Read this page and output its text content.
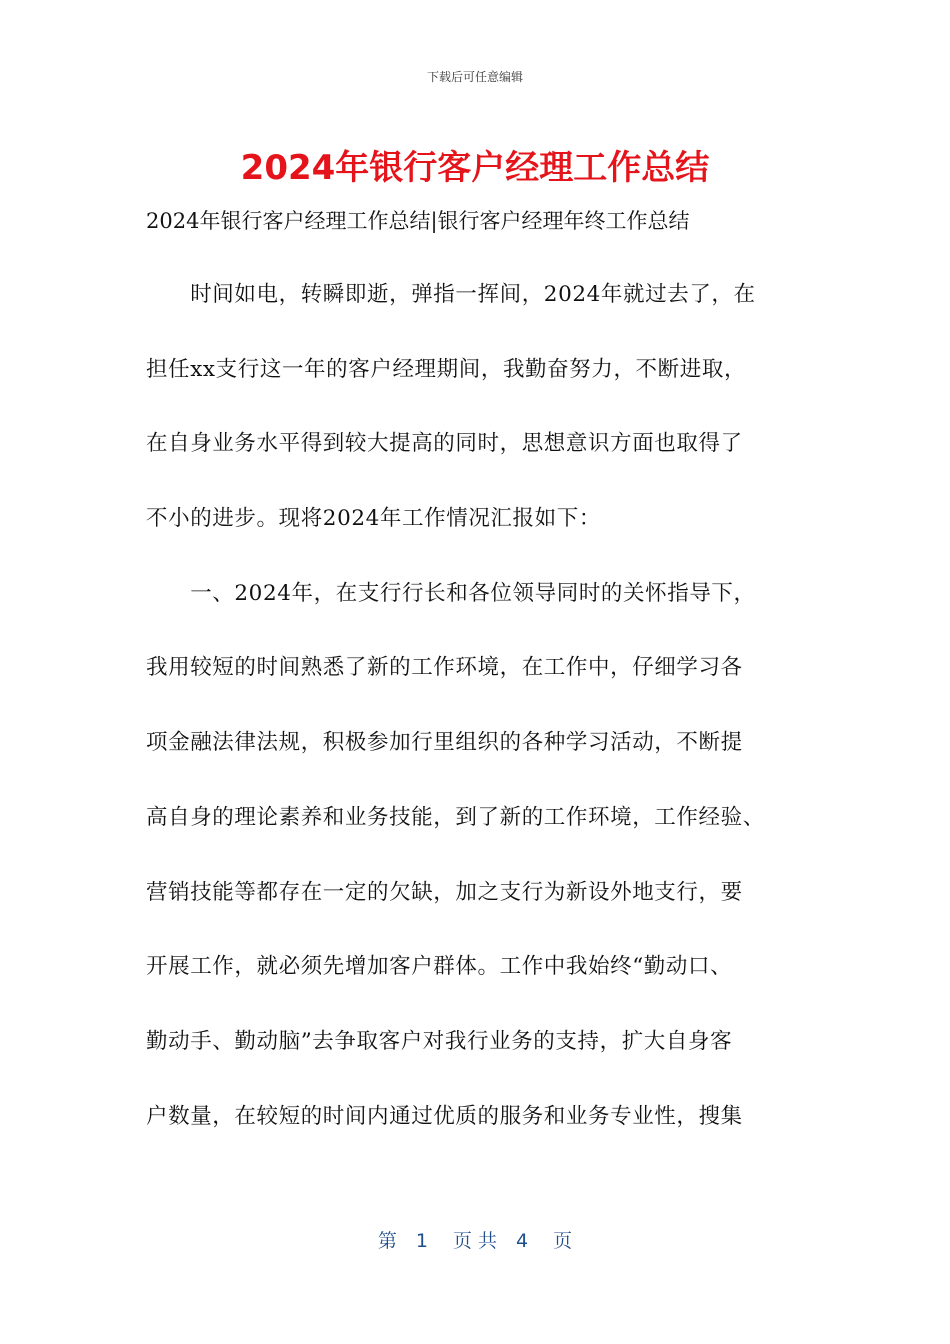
下载后可任意编辑
2024年银行客户经理工作总结
2024年银行客户经理工作总结|银行客户经理年终工作总结
　　时间如电，转瞬即逝，弹指一挥间，2024年就过去了，在
担任xx支行这一年的客户经理期间，我勤奋努力，不断进取，
在自身业务水平得到较大提高的同时，思想意识方面也取得了
不小的进步。现将2024年工作情况汇报如下：
　　一、2024年，在支行行长和各位领导同时的关怀指导下，
我用较短的时间熟悉了新的工作环境，在工作中，仔细学习各
项金融法律法规，积极参加行里组织的各种学习活动，不断提
高自身的理论素养和业务技能，到了新的工作环境，工作经验、
营销技能等都存在一定的欠缺，加之支行为新设外地支行，要
开展工作，就必须先增加客户群体。工作中我始终“勤动口、
勤动手、勤动脑”去争取客户对我行业务的支持，扩大自身客
户数量，在较短的时间内通过优质的服务和业务专业性，搜集
第　1　 页 共　4　 页
